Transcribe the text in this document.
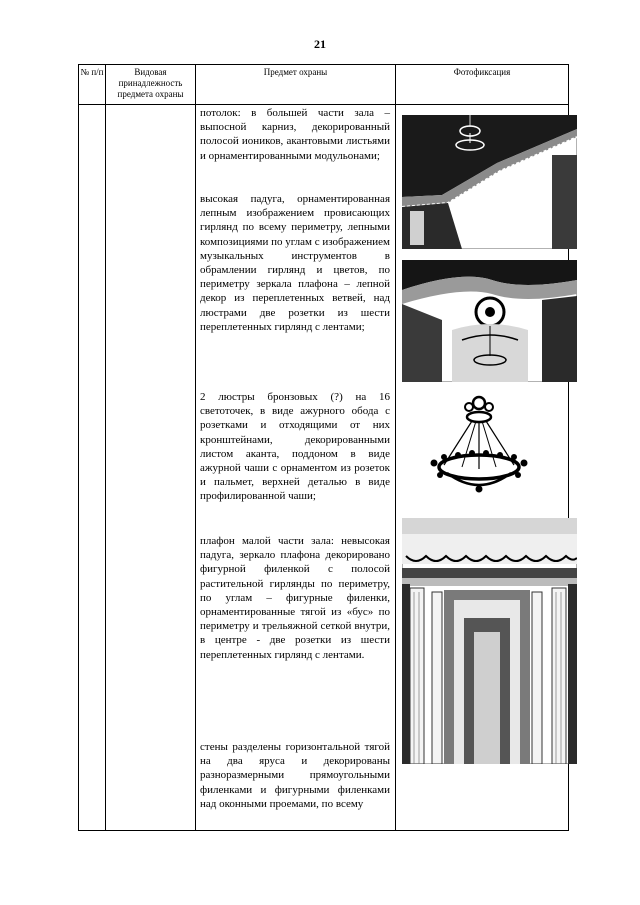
21
№ п/п	Видовая принадлежность предмета охраны
Предмет охраны	Фотофиксация

потолок: в большей части зала – выпосной карниз, декорированный полосой иоников, акантовыми листьями и орнаментированными модульонами;

высокая падуга, орнаментированная лепным изображением провисающих гирлянд по всему периметру, лепными композициями по углам с изображением музыкальных инструментов в обрамлении гирлянд и цветов, по периметру зеркала плафона – лепной декор из переплетенных ветвей, над люстрами две розетки из шести переплетенных гирлянд с лентами;

2 люстры бронзовых (?) на 16 светоточек, в виде ажурного обода с розетками и отходящими от них кронштейнами, декорированными листом аканта, поддоном в виде ажурной чаши с орнаментом из розеток и пальмет, верхней деталью в виде профилированной чаши;

плафон малой части зала: невысокая падуга, зеркало плафона декорировано фигурной филенкой с полосой растительной гирлянды по периметру, по углам – фигурные филенки, орнаментированные тягой из «бус» по периметру и трельяжной сеткой внутри, в центре - две розетки из шести переплетенных гирлянд с лентами.

стены разделены горизонтальной тягой на два яруса и декорированы разноразмерными прямоугольными филенками и фигурными филенками над оконными проемами, по всему
